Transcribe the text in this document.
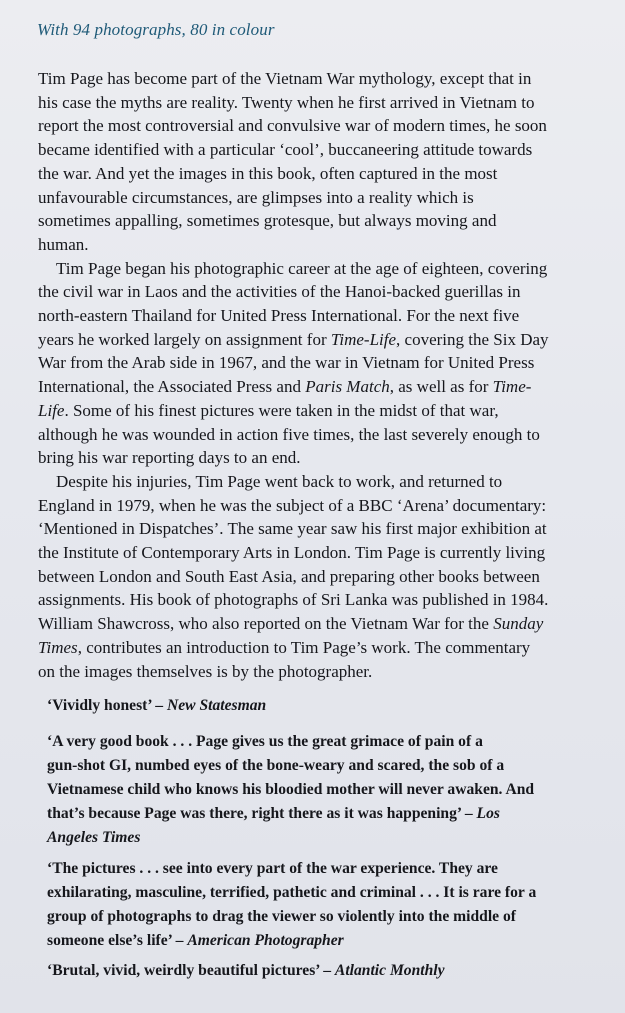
With 94 photographs, 80 in colour

Tim Page has become part of the Vietnam War mythology, except that in
his case the myths are reality. Twenty when he first arrived in Vietnam to
report the most controversial and convulsive war of modern times, he soon
became identified with a particular ‘cool’, buccaneering attitude towards
the war. And yet the images in this book, often captured in the most
unfavourable circumstances, are glimpses into a reality which is
sometimes appalling, sometimes grotesque, but always moving and
human.

Tim Page began his photographic career at the age of eighteen, covering
the civil war in Laos and the activities of the Hanoi-backed guerillas in
north-eastern Thailand for United Press International. For the next five
years he worked largely on assignment for Time-Life, covering the Six Day
War from the Arab side in 1967, and the war in Vietnam for United Press
International, the Associated Press and Paris Match, as well as for Time-
Life. Some of his finest pictures were taken in the midst of that war,
although he was wounded in action five times, the last severely enough to
bring his war reporting days to an end.

Despite his injuries, Tim Page went back to work, and returned to
England in 1979, when he was the subject of a BBC ‘Arena’ documentary:
‘Mentioned in Dispatches’. The same year saw his first major exhibition at
the Institute of Contemporary Arts in London. Tim Page is currently living
between London and South East Asia, and preparing other books between
assignments. His book of photographs of Sri Lanka was published in 1984.
William Shawcross, who also reported on the Vietnam War for the Sunday
Times, contributes an introduction to Tim Page’s work. The commentary
on the images themselves is by the photographer.

‘Vividly honest’ – New Statesman
‘A very good book . . . Page gives us the great grimace of pain of a
gun-shot GI, numbed eyes of the bone-weary and scared, the sob of a
Vietnamese child who knows his bloodied mother will never awaken. And
that’s because Page was there, right there as it was happening’ – Los
Angeles Times
‘The pictures . . . see into every part of the war experience. They are
exhilarating, masculine, terrified, pathetic and criminal . . . It is rare for a
group of photographs to drag the viewer so violently into the middle of
someone else’s life’ – American Photographer
‘Brutal, vivid, weirdly beautiful pictures’ – Atlantic Monthly
